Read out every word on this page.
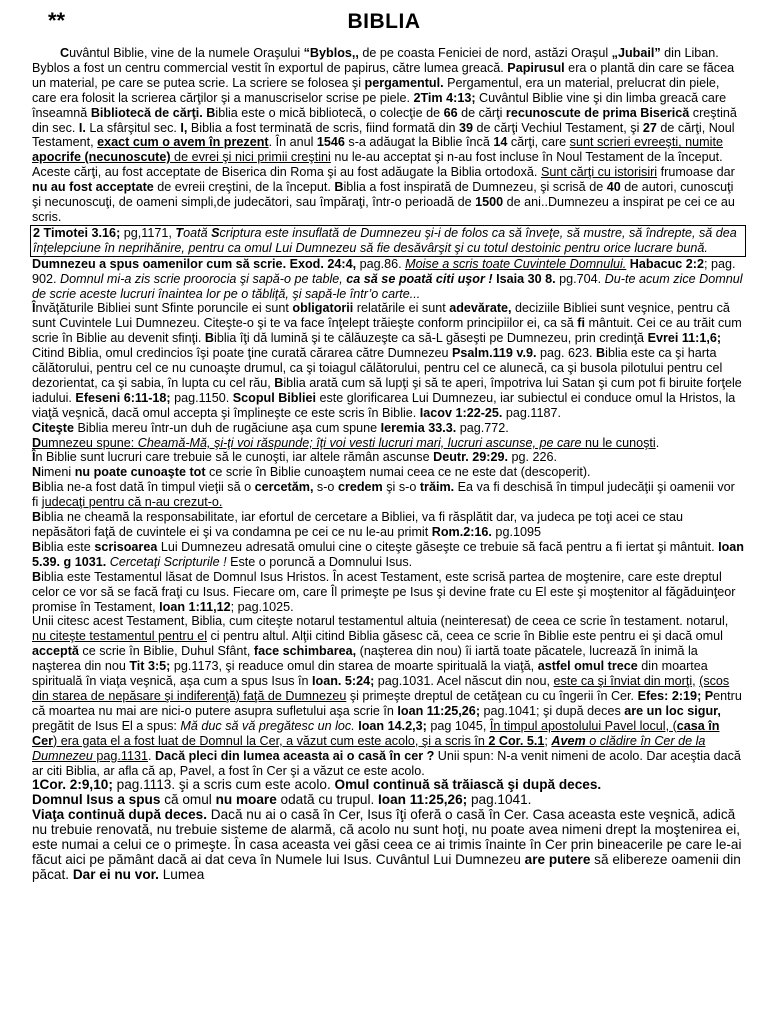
**	BIBLIA

Cuvântul Biblie, vine de la numele Oraşului “Byblos,, de pe coasta Feniciei de nord, astăzi Oraşul „Jubail” din Liban. Byblos a fost un centru commercial vestit în exportul de papirus, către lumea greacă. Papirusul era o plantă din care se făcea un material, pe care se putea scrie. La scriere se folosea şi pergamentul. Pergamentul, era un material, prelucrat din piele, care era folosit la scrierea cărţilor şi a manuscriselor scrise pe piele. 2Tim 4:13; Cuvântul Biblie vine şi din limba greacă care înseamnă Bibliotecă de cărţi. Biblia este o mică bibliotecă, o colecţie de 66 de cărţi recunoscute de prima Biserică creştină din sec. I. La sfârşitul sec. I, Biblia a fost terminată de scris, fiind formată din 39 de cărţi Vechiul Testament, şi 27 de cărţi, Noul Testament, exact cum o avem în prezent. În anul 1546 s-a adăugat la Biblie încă 14 cărţi, care sunt scrieri evreeşti, numite apocrife (necunoscute) de evrei şi nici primii creştini nu le-au acceptat şi n-au fost incluse în Noul Testament de la început. Aceste cărţi, au fost acceptate de Biserica din Roma şi au fost adăugate la Biblia ortodoxă. Sunt cărţi cu istorisiri frumoase dar nu au fost acceptate de evreii creştini, de la început. Biblia a fost inspirată de Dumnezeu, şi scrisă de 40 de autori, cunoscuţi şi necunoscuţi, de oameni simpli,de judecători, sau împăraţi, într-o perioadă de 1500 de ani..Dumnezeu a inspirat pe cei ce au scris.

2 Timotei 3.16; pg,1171, Toată Scriptura este insuflată de Dumnezeu şi-i de folos ca să înveţe, să mustre, să îndrepte, să dea înţelepciune în neprihănire, pentru ca omul Lui Dumnezeu să fie desăvârşit şi cu totul destoinic pentru orice lucrare bună.

Dumnezeu a spus oamenilor cum să scrie. Exod. 24:4, pag.86. Moise a scris toate Cuvintele Domnului. Habacuc 2:2; pag. 902. Domnul mi-a zis scrie proorocia şi sapă-o pe table, ca să se poată citi uşor ! Isaia 30 8. pg.704. Du-te acum zice Domnul de scrie aceste lucruri înaintea lor pe o tăbliţă, şi sapă-le într’o carte...

Învăţăturile Bibliei sunt Sfinte poruncile ei sunt obligatorii relatările ei sunt adevărate, deciziile Bibliei sunt veşnice, pentru că sunt Cuvintele Lui Dumnezeu. Citeşte-o şi te va face înţelept trăieşte conform principiilor ei, ca să fi mântuit. Cei ce au trăit cum scrie în Biblie au devenit sfinţi. Biblia îţi dă lumină şi te călăuzeşte ca să-L găseşti pe Dumnezeu, prin credinţă Evrei 11:1,6; Citind Biblia, omul credincios îşi poate ţine curată cărarea către Dumnezeu Psalm.119 v.9. pag. 623. Biblia este ca şi harta călătorului, pentru cel ce nu cunoaşte drumul, ca şi toiagul călătorului, pentru cel ce alunecă, ca şi busola pilotului pentru cel dezorientat, ca şi sabia, în lupta cu cel rău, Biblia arată cum să lupţi şi să te aperi, împotriva lui Satan şi cum pot fi biruite forţele iadului. Efeseni 6:11-18; pag.1150. Scopul Bibliei este glorificarea Lui Dumnezeu, iar subiectul ei conduce omul la Hristos, la viaţă veşnică, dacă omul accepta şi împlineşte ce este scris în Biblie. Iacov 1:22-25. pag.1187.

Citeşte Biblia mereu într-un duh de rugăciune aşa cum spune Ieremia 33.3. pag.772.

Dumnezeu spune: Cheamă-Mă, şi-ţi voi răspunde; îţi voi vesti lucruri mari, lucruri ascunse, pe care nu le cunoşti.

În Biblie sunt lucruri care trebuie să le cunoşti, iar altele rămân ascunse Deutr. 29:29. pg. 226.

Nimeni nu poate cunoaşte tot ce scrie în Biblie cunoaştem numai ceea ce ne este dat (descoperit).

Biblia ne-a fost dată în timpul vieţii să o cercetăm, s-o credem şi s-o trăim. Ea va fi deschisă în timpul judecăţii şi oamenii vor fi judecaţi pentru că n-au crezut-o.

Biblia ne cheamă la responsabilitate, iar efortul de cercetare a Bibliei, va fi răsplătit dar, va judeca pe toţi acei ce stau nepăsători faţă de cuvintele ei şi va condamna pe cei ce nu le-au primit Rom.2:16. pg.1095

Biblia este scrisoarea Lui Dumnezeu adresată omului cine o citeşte găseşte ce trebuie să facă pentru a fi iertat şi mântuit. Ioan 5.39. g 1031. Cercetaţi Scripturile ! Este o poruncă a Domnului Isus.

Biblia este Testamentul lăsat de Domnul Isus Hristos. În acest Testament, este scrisă partea de moştenire, care este dreptul celor ce vor să se facă fraţi cu Isus. Fiecare om, care Îl primeşte pe Isus şi devine frate cu El este şi moştenitor al făgăduinţeor promise în Testament, Ioan 1:11,12; pag.1025.

Unii citesc acest Testament, Biblia, cum citeşte notarul testamentul altuia (neinteresat) de ceea ce scrie în testament. notarul, nu citeşte testamentul pentru el ci pentru altul. Alţii citind Biblia găsesc că, ceea ce scrie în Biblie este pentru ei şi dacă omul acceptă ce scrie în Biblie, Duhul Sfânt, face schimbarea, (naşterea din nou) îi iartă toate păcatele, lucrează în inimă la naşterea din nou Tit 3:5; pg.1173, şi readuce omul din starea de moarte spirituală la viaţă, astfel omul trece din moartea spirituală în viaţa veşnică, aşa cum a spus Isus în Ioan. 5:24; pag.1031. Acel născut din nou, este ca şi înviat din morţi, (scos din starea de nepăsare şi indiferenţă) faţă de Dumnezeu şi primeşte dreptul de cetăţean cu cu îngerii în Cer. Efes: 2:19; Pentru că moartea nu mai are nici-o putere asupra sufletului aşa scrie în Ioan 11:25,26; pag.1041; şi după deces are un loc sigur, pregătit de Isus El a spus: Mă duc să vă pregătesc un loc. Ioan 14.2,3; pag 1045, În timpul apostolului Pavel locul, (casa în Cer) era gata el a fost luat de Domnul la Cer, a văzut cum este acolo, şi a scris în 2 Cor. 5.1; Avem o clădire în Cer de la Dumnezeu pag.1131. Dacă pleci din lumea aceasta ai o casă în cer ? Unii spun: N-a venit nimeni de acolo. Dar aceştia dacă ar citi Biblia, ar afla că ap, Pavel, a fost în Cer şi a văzut ce este acolo.

1Cor. 2:9,10; pag.1113. şi a scris cum este acolo. Omul continuă să trăiască şi după deces.

Domnul Isus a spus că omul nu moare odată cu trupul. Ioan 11:25,26; pag.1041.

Viaţa continuă după deces. Dacă nu ai o casă în Cer, Isus îţi oferă o casă în Cer. Casa aceasta este veşnică, adică nu trebuie renovată, nu trebuie sisteme de alarmă, că acolo nu sunt hoţi, nu poate avea nimeni drept la moştenirea ei, este numai a celui ce o primeşte. În casa aceasta vei găsi ceea ce ai trimis înainte în Cer prin bineacerile pe care le-ai făcut aici pe pământ dacă ai dat ceva în Numele lui Isus. Cuvântul Lui Dumnezeu are putere să elibereze oamenii din păcat. Dar ei nu vor. Lumea
